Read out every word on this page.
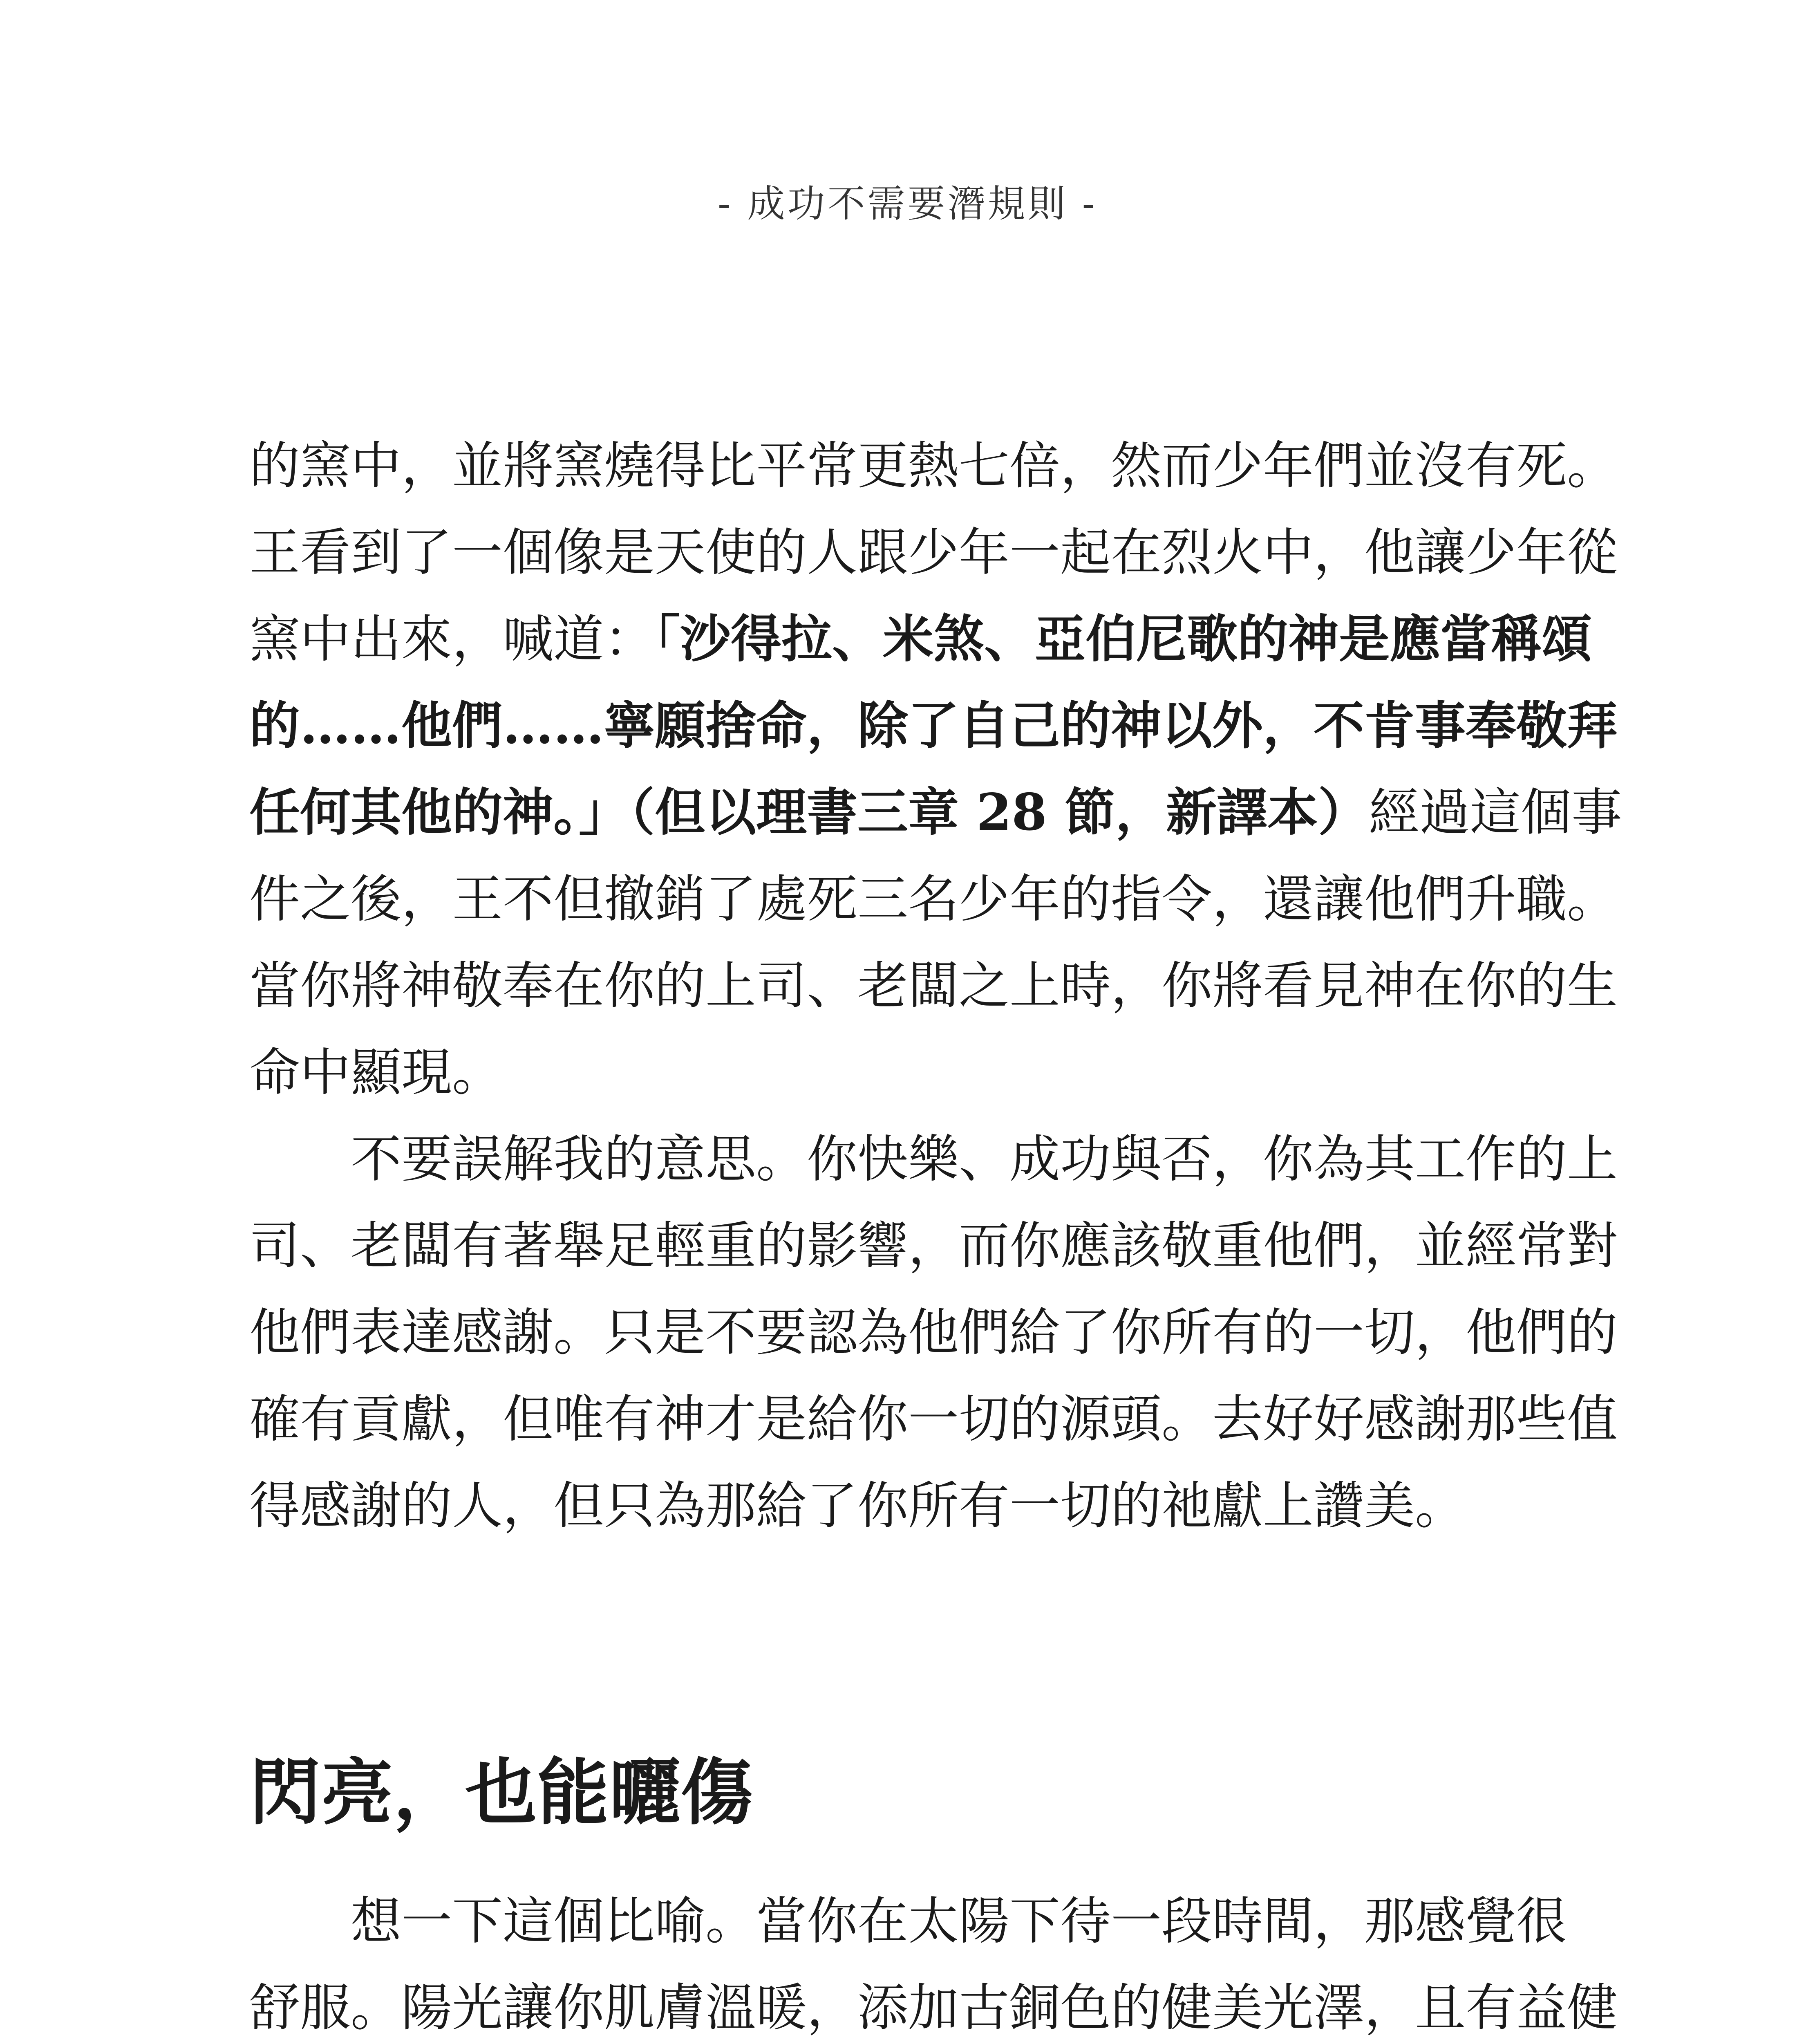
- 成功不需要潛規則 -
的窯中，並將窯燒得比平常更熱七倍，然而少年們並沒有死。
王看到了一個像是天使的人跟少年一起在烈火中，他讓少年從
窯中出來，喊道：「沙得拉、米煞、亞伯尼歌的神是應當稱頌
的……他們……寧願捨命，除了自己的神以外，不肯事奉敬拜
任何其他的神。」（但以理書三章 28 節，新譯本）經過這個事
件之後，王不但撤銷了處死三名少年的指令，還讓他們升職。
當你將神敬奉在你的上司、老闆之上時，你將看見神在你的生
命中顯現。
不要誤解我的意思。你快樂、成功與否，你為其工作的上
司、老闆有著舉足輕重的影響，而你應該敬重他們，並經常對
他們表達感謝。只是不要認為他們給了你所有的一切，他們的
確有貢獻，但唯有神才是給你一切的源頭。去好好感謝那些值
得感謝的人，但只為那給了你所有一切的祂獻上讚美。
閃亮，也能曬傷
想一下這個比喻。當你在太陽下待一段時間，那感覺很
舒服。陽光讓你肌膚溫暖，添加古銅色的健美光澤，且有益健
